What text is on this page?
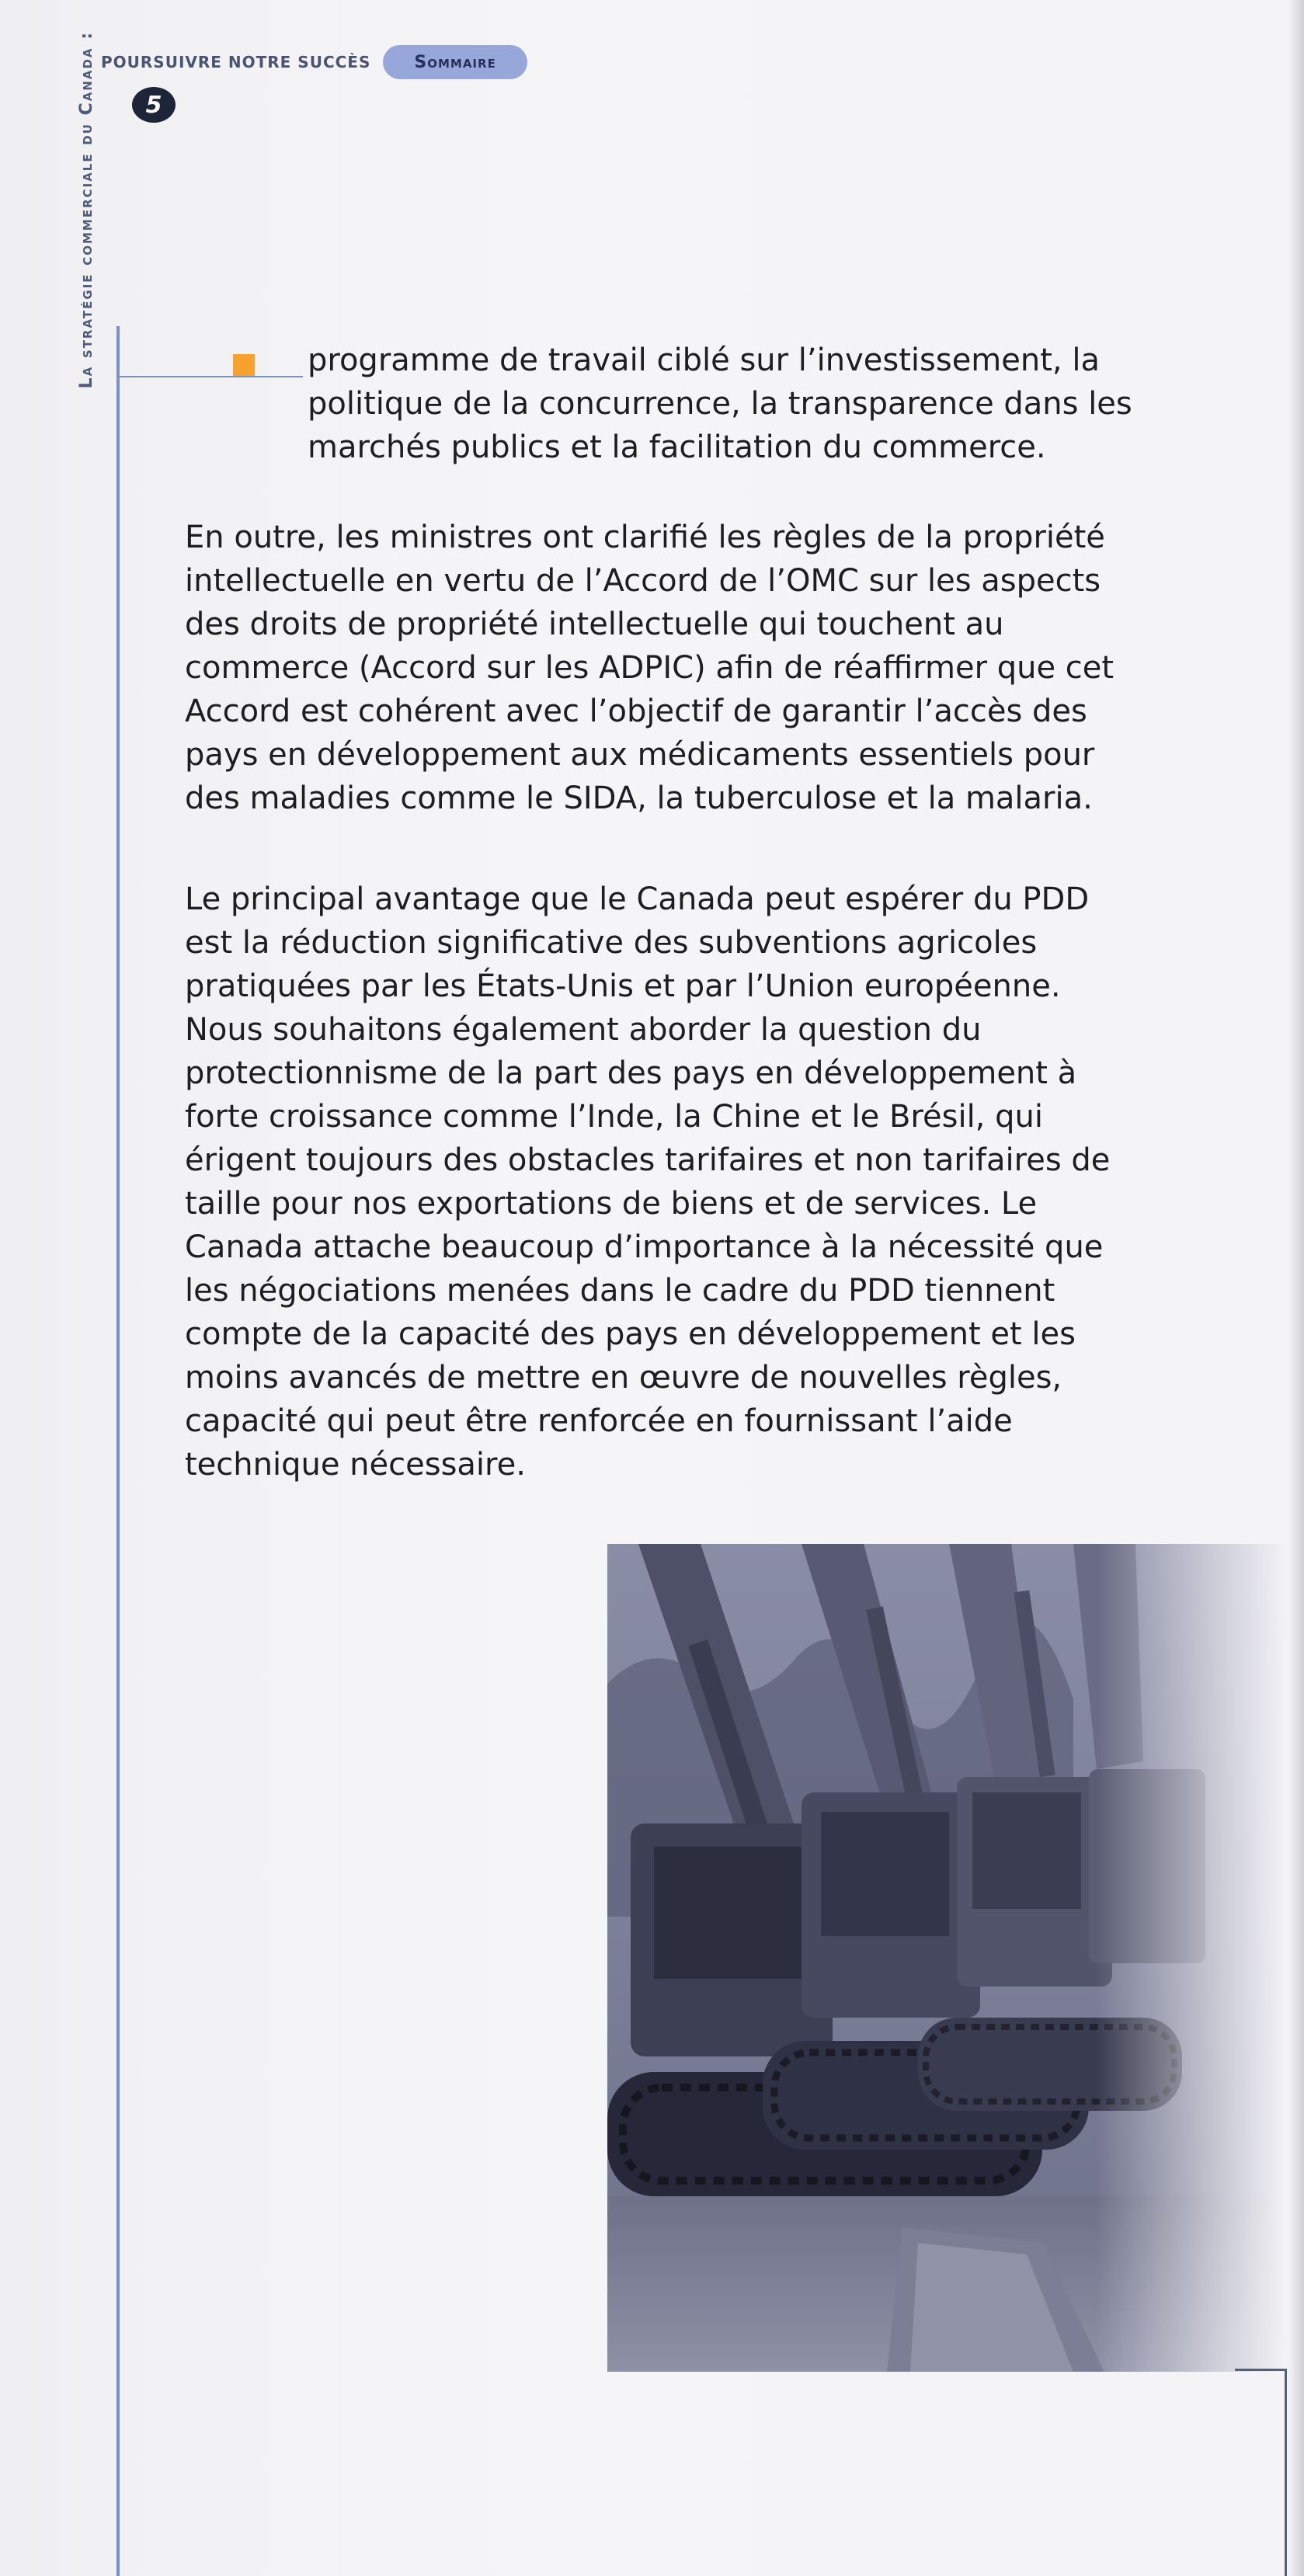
La stratégie commerciale du Canada : POURSUIVRE NOTRE SUCCÈS	Sommaire
5
programme de travail ciblé sur l’investissement, la politique de la concurrence, la transparence dans les marchés publics et la facilitation du commerce.

En outre, les ministres ont clarifié les règles de la propriété intellectuelle en vertu de l’Accord de l’OMC sur les aspects des droits de propriété intellectuelle qui touchent au commerce (Accord sur les ADPIC) afin de réaffirmer que cet Accord est cohérent avec l’objectif de garantir l’accès des pays en développement aux médicaments essentiels pour des maladies comme le SIDA, la tuberculose et la malaria.

Le principal avantage que le Canada peut espérer du PDD est la réduction significative des subventions agricoles pratiquées par les États-Unis et par l’Union européenne. Nous souhaitons également aborder la question du protectionnisme de la part des pays en développement à forte croissance comme l’Inde, la Chine et le Brésil, qui érigent toujours des obstacles tarifaires et non tarifaires de taille pour nos exportations de biens et de services. Le Canada attache beaucoup d’importance à la nécessité que les négociations menées dans le cadre du PDD tiennent compte de la capacité des pays en développement et les moins avancés de mettre en œuvre de nouvelles règles, capacité qui peut être renforcée en fournissant l’aide technique nécessaire.
